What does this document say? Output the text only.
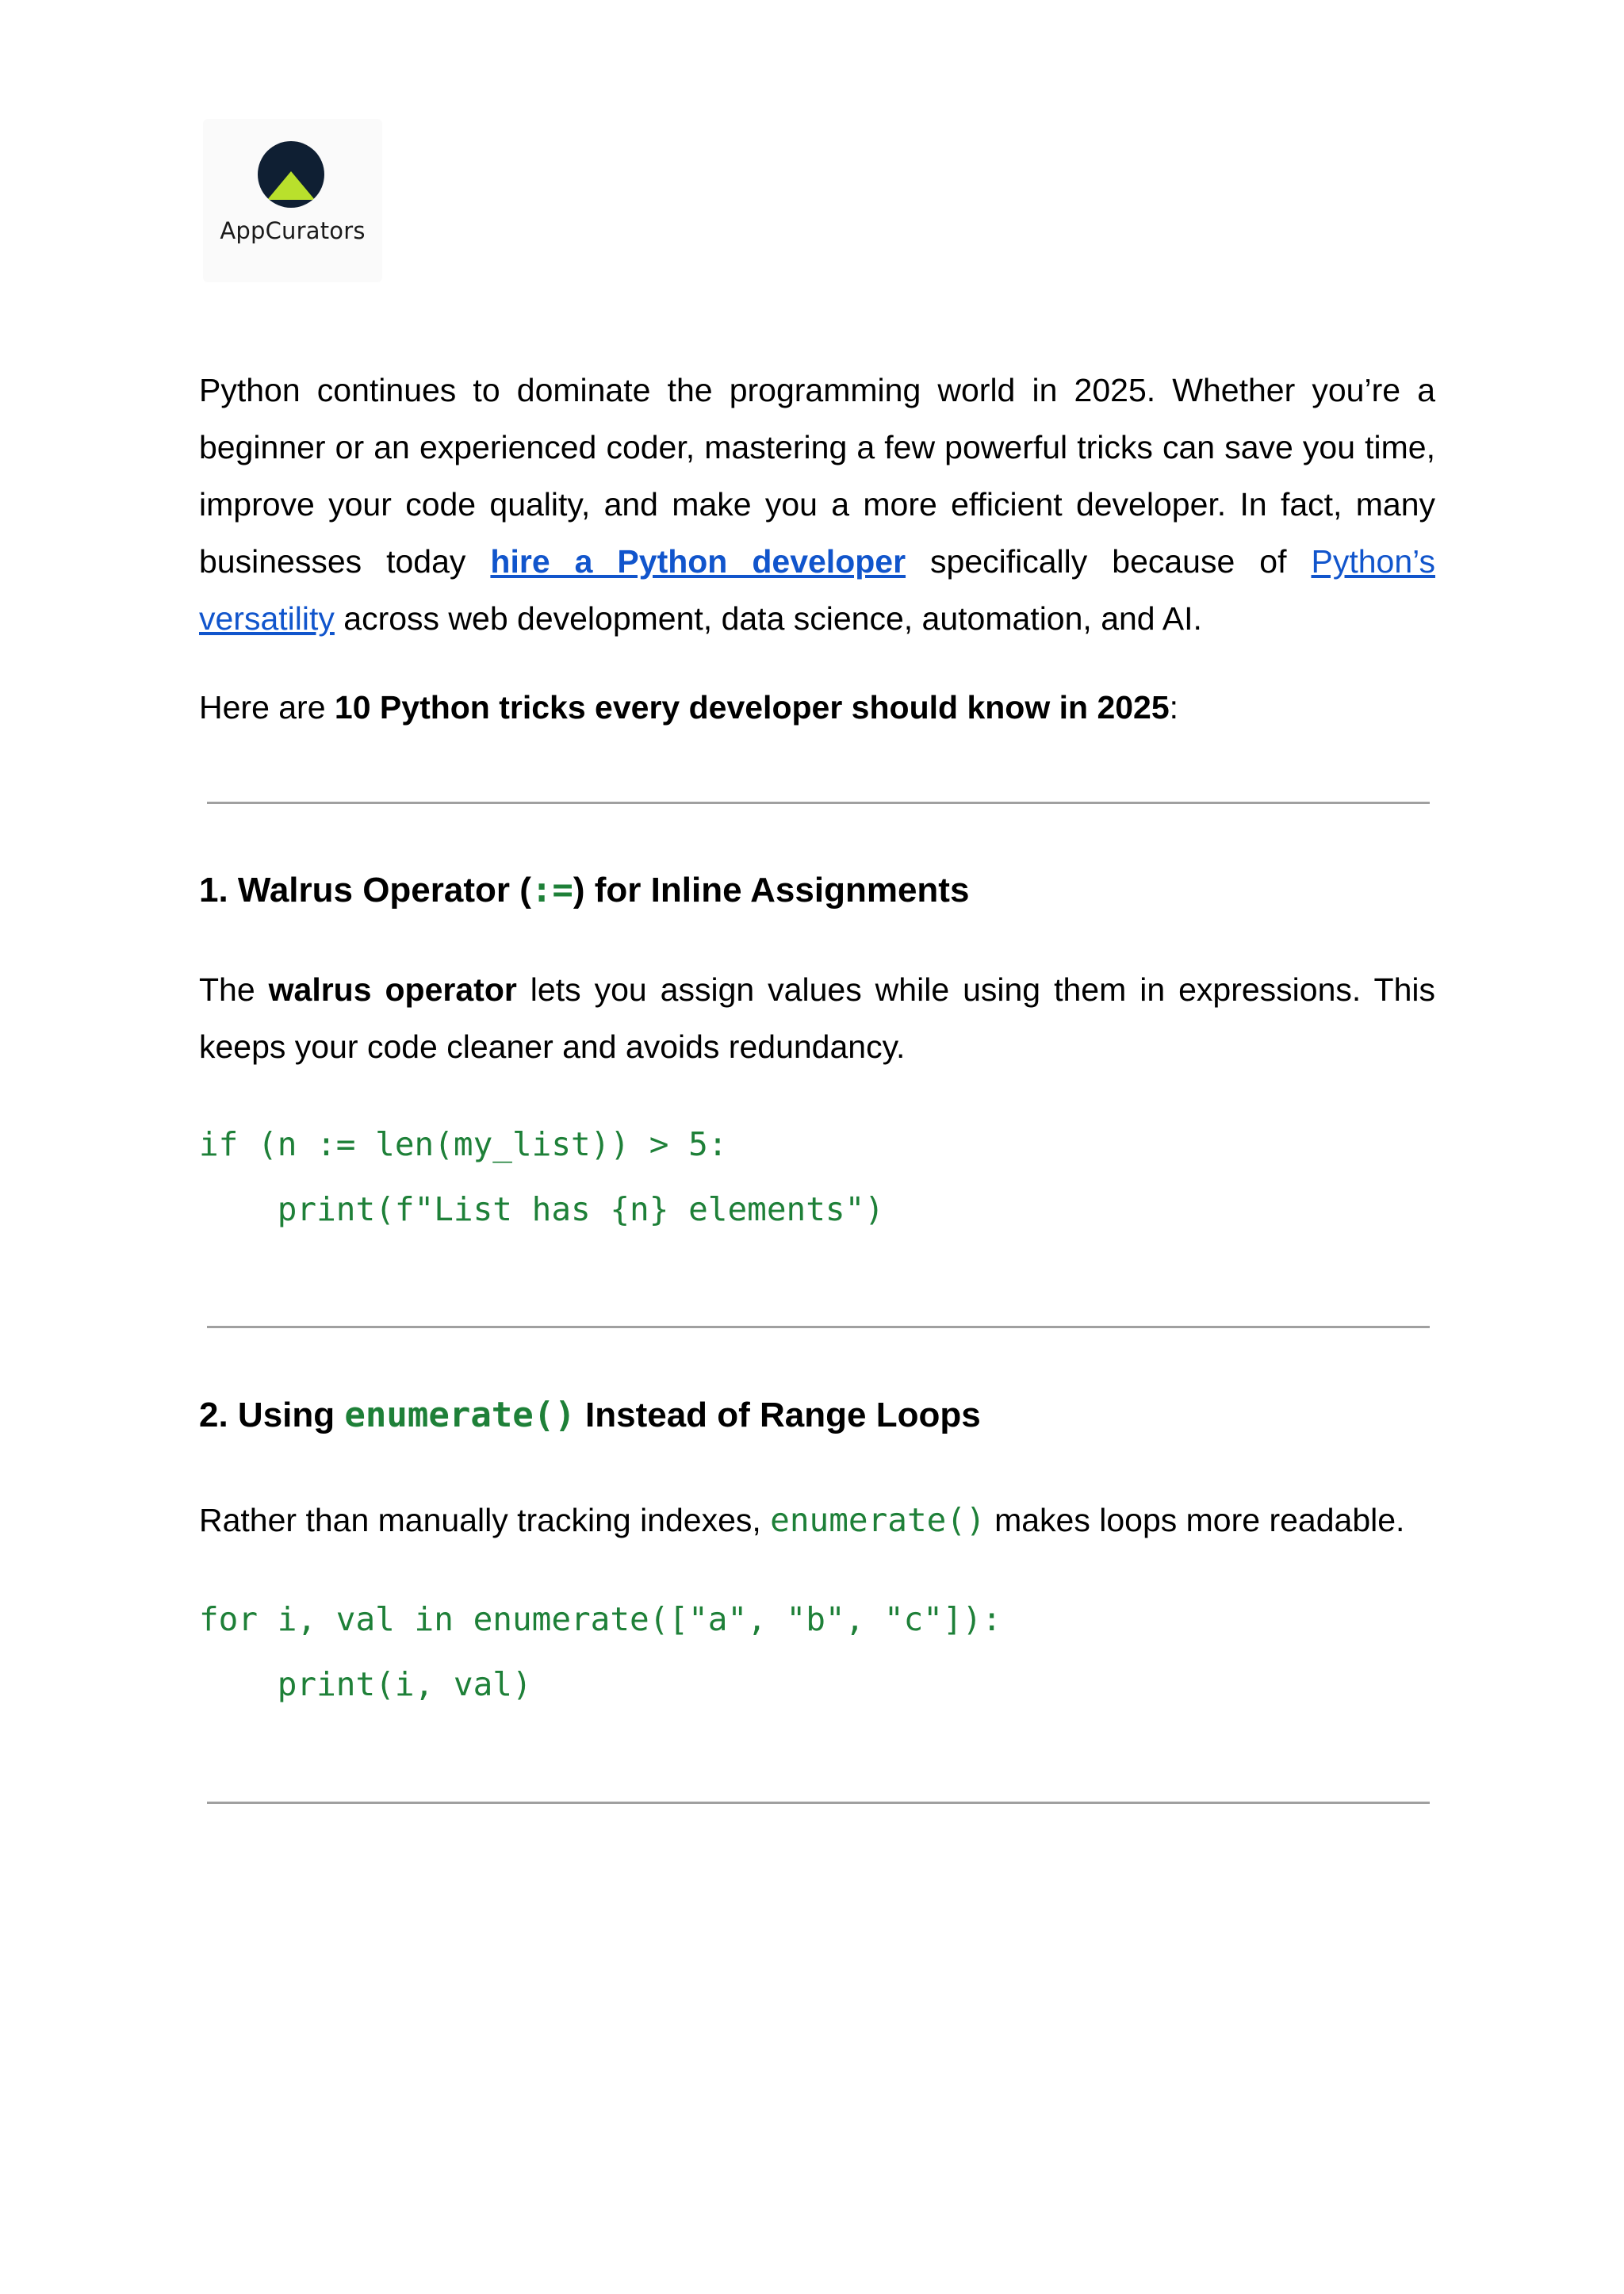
AppCurators

Python continues to dominate the programming world in 2025. Whether you’re a beginner or an experienced coder, mastering a few powerful tricks can save you time, improve your code quality, and make you a more efficient developer. In fact, many businesses today hire a Python developer specifically because of Python’s versatility across web development, data science, automation, and AI.

Here are 10 Python tricks every developer should know in 2025:

1. Walrus Operator (:=) for Inline Assignments

The walrus operator lets you assign values while using them in expressions. This keeps your code cleaner and avoids redundancy.

if (n := len(my_list)) > 5:
print(f"List has {n} elements")
2. Using enumerate() Instead of Range Loops

Rather than manually tracking indexes, enumerate() makes loops more readable.

for i, val in enumerate(["a", "b", "c"]):
print(i, val)
